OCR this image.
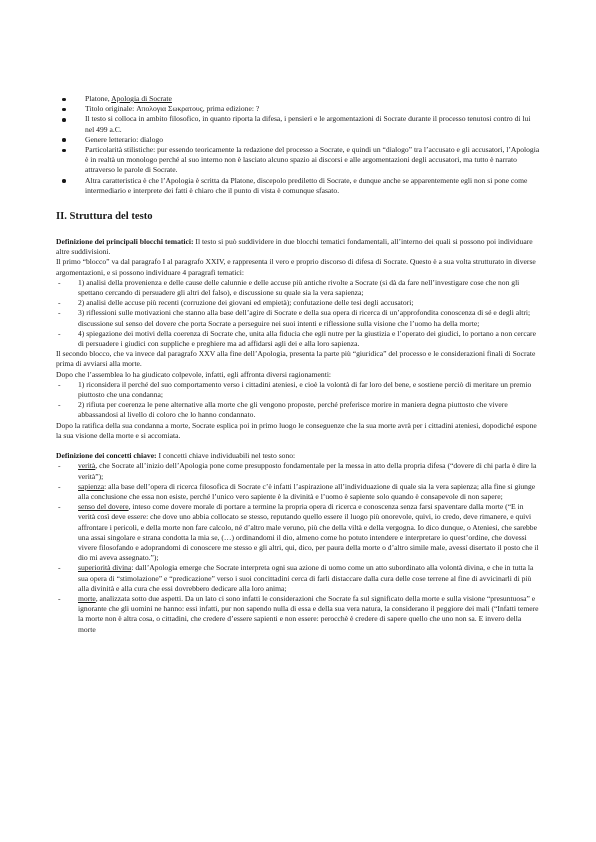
Platone, Apologia di Socrate
Titolo originale: Απολογια Σωκρατους, prima edizione: ?
Il testo si colloca in ambito filosofico, in quanto riporta la difesa, i pensieri e le argomentazioni di Socrate durante il processo tenutosi contro di lui nel 499 a.C.
Genere letterario: dialogo
Particolarità stilistiche: pur essendo teoricamente la redazione del processo a Socrate, e quindi un “dialogo” tra l’accusato e gli accusatori, l’Apologia è in realtà un monologo perché al suo interno non è lasciato alcuno spazio ai discorsi e alle argomentazioni degli accusatori, ma tutto è narrato attraverso le parole di Socrate.
Altra caratteristica è che l’Apologia è scritta da Platone, discepolo prediletto di Socrate, e dunque anche se apparentemente egli non si pone come intermediario e interprete dei fatti è chiaro che il punto di vista è comunque sfasato.
II. Struttura del testo

Definizione dei principali blocchi tematici: Il testo si può suddividere in due blocchi tematici fondamentali, all’interno dei quali si possono poi individuare altre suddivisioni.

Il primo “blocco” va dal paragrafo I al paragrafo XXIV, e rappresenta il vero e proprio discorso di difesa di Socrate. Questo è a sua volta strutturato in diverse argomentazioni, e si possono individuare 4 paragrafi tematici:

- 1) analisi della provenienza e delle cause delle calunnie e delle accuse più antiche rivolte a Socrate (si dà da fare nell’investigare cose che non gli spettano cercando di persuadere gli altri del falso), e discussione su quale sia la vera sapienza;
- 2) analisi delle accuse più recenti (corruzione dei giovani ed empietà); confutazione delle tesi degli accusatori;
- 3) riflessioni sulle motivazioni che stanno alla base dell’agire di Socrate e della sua opera di ricerca di un’approfondita conoscenza di sé e degli altri; discussione sul senso del dovere che porta Socrate a perseguire nei suoi intenti e riflessione sulla visione che l’uomo ha della morte;
- 4) spiegazione dei motivi della coerenza di Socrate che, unita alla fiducia che egli nutre per la giustizia e l’operato dei giudici, lo portano a non cercare di persuadere i giudici con suppliche e preghiere ma ad affidarsi agli dei e alla loro sapienza.

Il secondo blocco, che va invece dal paragrafo XXV alla fine dell’Apologia, presenta la parte più “giuridica” del processo e le considerazioni finali di Socrate prima di avviarsi alla morte.

Dopo che l’assemblea lo ha giudicato colpevole, infatti, egli affronta diversi ragionamenti:

- 1) riconsidera il perché del suo comportamento verso i cittadini ateniesi, e cioè la volontà di far loro del bene, e sostiene perciò di meritare un premio piuttosto che una condanna;
- 2) rifiuta per coerenza le pene alternative alla morte che gli vengono proposte, perché preferisce morire in maniera degna piuttosto che vivere abbassandosi al livello di coloro che lo hanno condannato.

Dopo la ratifica della sua condanna a morte, Socrate esplica poi in primo luogo le conseguenze che la sua morte avrà per i cittadini ateniesi, dopodiché espone la sua visione della morte e si accomiata.

Definizione dei concetti chiave: I concetti chiave individuabili nel testo sono:

- verità, che Socrate all’inizio dell’Apologia pone come presupposto fondamentale per la messa in atto della propria difesa (“dovere di chi parla è dire la verità”);
- sapienza: alla base dell’opera di ricerca filosofica di Socrate c’è infatti l’aspirazione all’individuazione di quale sia la vera sapienza; alla fine si giunge alla conclusione che essa non esiste, perché l’unico vero sapiente è la divinità e l’uomo è sapiente solo quando è consapevole di non sapere;
- senso del dovere, inteso come dovere morale di portare a termine la propria opera di ricerca e conoscenza senza farsi spaventare dalla morte (“E in verità così deve essere: che dove uno abbia collocato se stesso, reputando quello essere il luogo più onorevole, quivi, io credo, deve rimanere, e quivi affrontare i pericoli, e della morte non fare calcolo, né d’altro male veruno, più che della viltà e della vergogna. Io dico dunque, o Ateniesi, che sarebbe una assai singolare e strana condotta la mia se, (…) ordinandomi il dio, almeno come ho potuto intendere e interpretare io quest’ordine, che dovessi vivere filosofando e adoprandomi di conoscere me stesso e gli altri, qui, dico, per paura della morte o d’altro simile male, avessi disertato il posto che il dio mi aveva assegnato.”);
- superiorità divina: dall’Apologia emerge che Socrate interpreta ogni sua azione di uomo come un atto subordinato alla volontà divina, e che in tutta la sua opera di “stimolazione” e “predicazione” verso i suoi concittadini cerca di farli distaccare dalla cura delle cose terrene al fine di avvicinarli di più alla divinità e alla cura che essi dovrebbero dedicare alla loro anima;
- morte, analizzata sotto due aspetti. Da un lato ci sono infatti le considerazioni che Socrate fa sul significato della morte e sulla visione “presuntuosa” e ignorante che gli uomini ne hanno: essi infatti, pur non sapendo nulla di essa e della sua vera natura, la considerano il peggiore dei mali (“Infatti temere la morte non è altra cosa, o cittadini, che credere d’essere sapienti e non essere: perocchè è credere di sapere quello che uno non sa. E invero della morte
